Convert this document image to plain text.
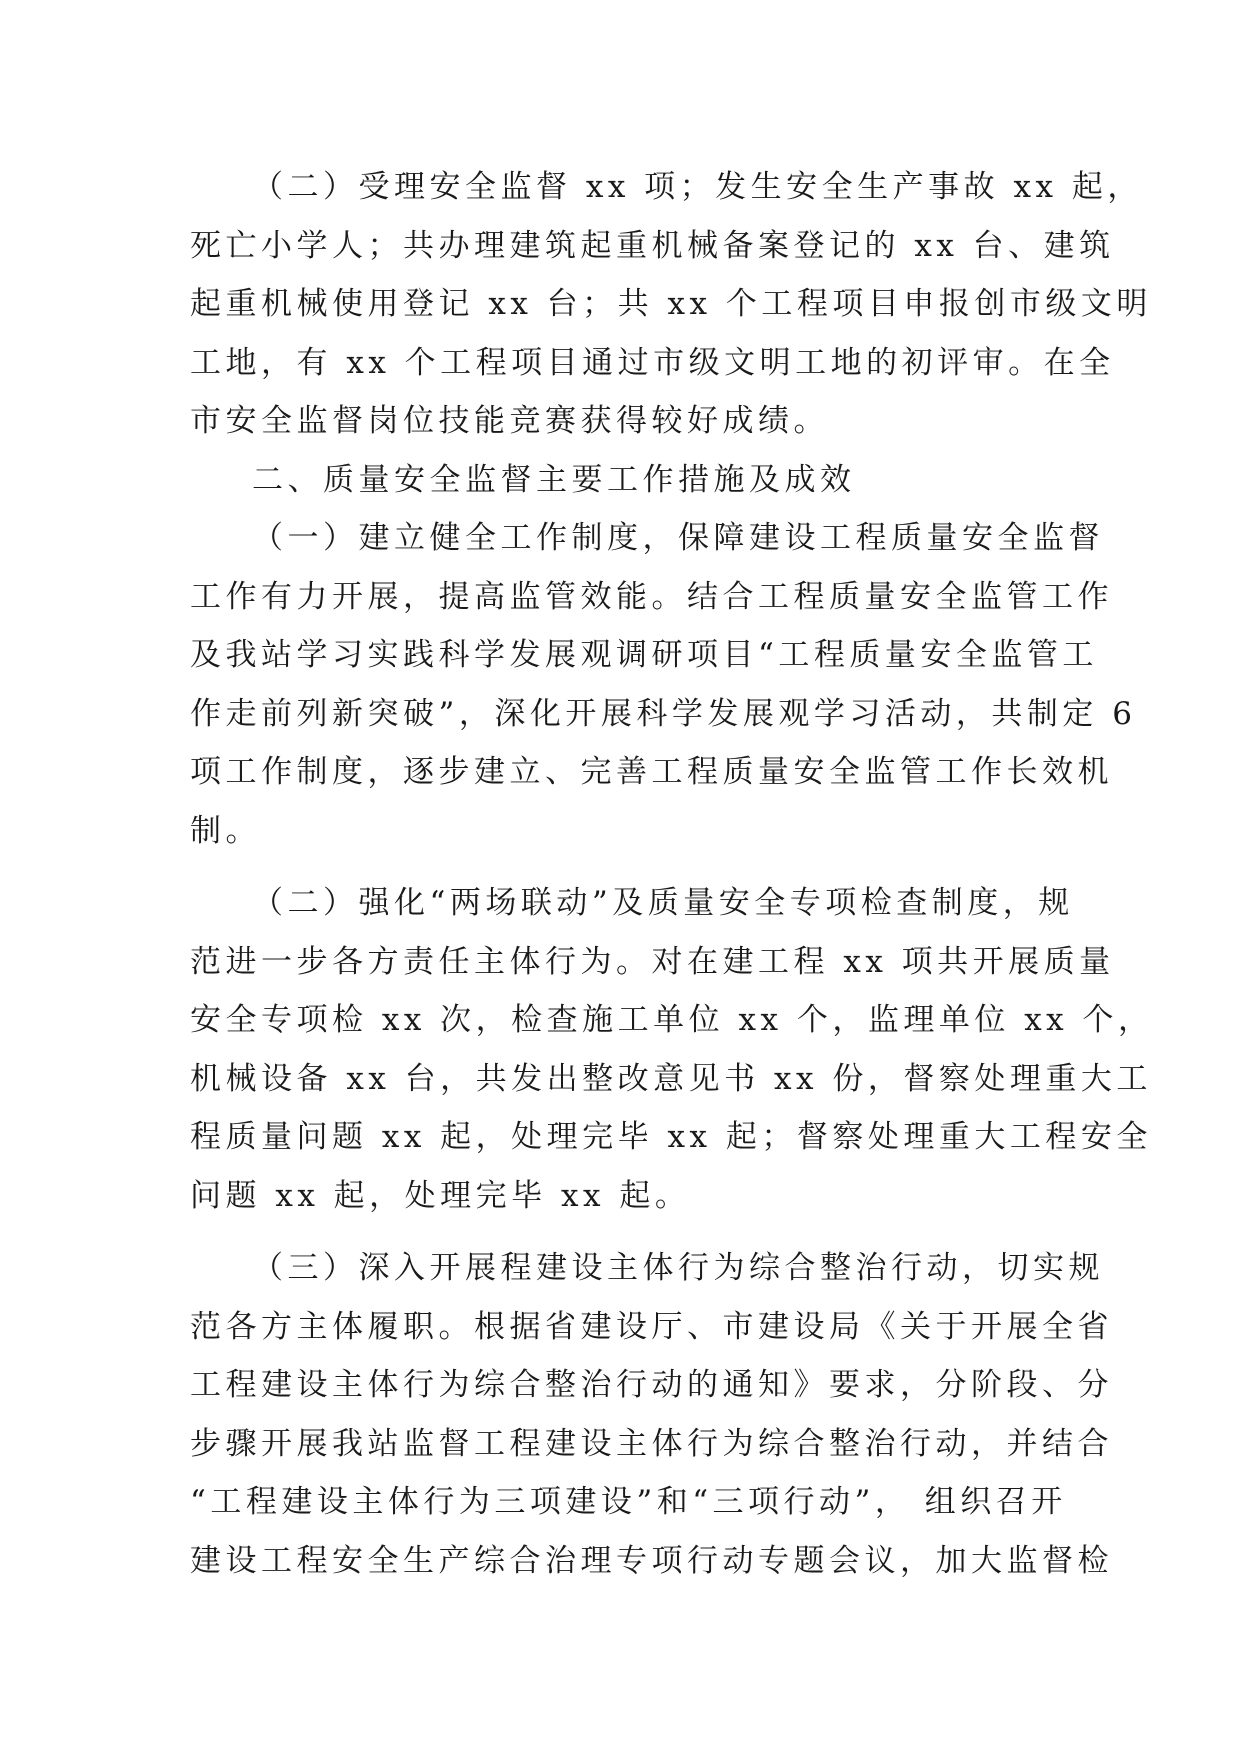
（二）受理安全监督 xx 项；发生安全生产事故 xx 起，
死亡小学人；共办理建筑起重机械备案登记的 xx 台、建筑
起重机械使用登记 xx 台；共 xx 个工程项目申报创市级文明
工地，有 xx 个工程项目通过市级文明工地的初评审。在全
市安全监督岗位技能竞赛获得较好成绩。
二、质量安全监督主要工作措施及成效
（一）建立健全工作制度，保障建设工程质量安全监督
工作有力开展，提高监管效能。结合工程质量安全监管工作
及我站学习实践科学发展观调研项目“工程质量安全监管工
作走前列新突破”，深化开展科学发展观学习活动，共制定 6
项工作制度，逐步建立、完善工程质量安全监管工作长效机
制。
（二）强化“两场联动”及质量安全专项检查制度，规
范进一步各方责任主体行为。对在建工程 xx 项共开展质量
安全专项检 xx 次，检查施工单位 xx 个，监理单位 xx 个，
机械设备 xx 台，共发出整改意见书 xx 份，督察处理重大工
程质量问题 xx 起，处理完毕 xx 起；督察处理重大工程安全
问题 xx 起，处理完毕 xx 起。
（三）深入开展程建设主体行为综合整治行动，切实规
范各方主体履职。根据省建设厅、市建设局《关于开展全省
工程建设主体行为综合整治行动的通知》要求，分阶段、分
步骤开展我站监督工程建设主体行为综合整治行动，并结合
“工程建设主体行为三项建设”和“三项行动”， 组织召开
建设工程安全生产综合治理专项行动专题会议，加大监督检
